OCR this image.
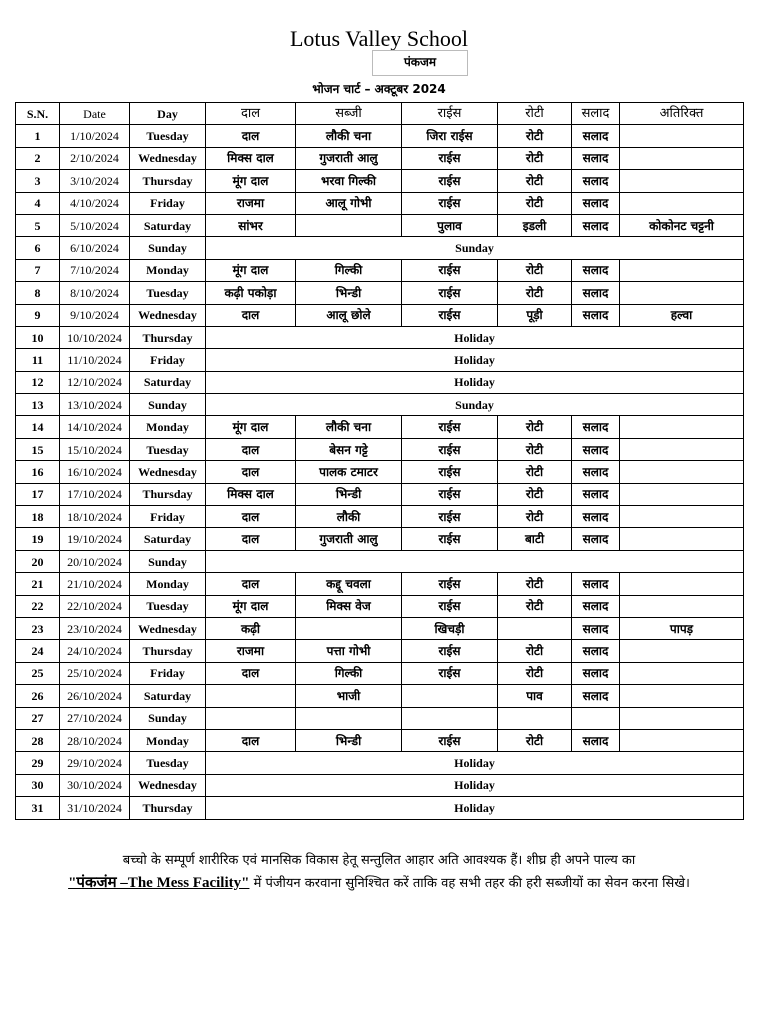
Lotus Valley School
पंकजम
भोजन चार्ट – अक्टूबर 2024
S.N.	Date	Day	दाल	सब्जी	राईस	रोटी	सलाद	अतिरिक्त
1	1/10/2024	Tuesday	दाल	लौकी चना	जिरा राईस	रोटी	सलाद	
2	2/10/2024	Wednesday	मिक्स दाल	गुजराती आलु	राईस	रोटी	सलाद	
3	3/10/2024	Thursday	मूंग दाल	भरवा गिल्की	राईस	रोटी	सलाद	
4	4/10/2024	Friday	राजमा	आलू गोभी	राईस	रोटी	सलाद	
5	5/10/2024	Saturday	सांभर		पुलाव	इडली	सलाद	कोकोनट चट्टनी
6	6/10/2024	Sunday	Sunday					
7	7/10/2024	Monday	मूंग दाल	गिल्की	राईस	रोटी	सलाद	
8	8/10/2024	Tuesday	कढ़ी पकोड़ा	भिन्डी	राईस	रोटी	सलाद	
9	9/10/2024	Wednesday	दाल	आलू छोले	राईस	पूड़ी	सलाद	हल्वा
10	10/10/2024	Thursday	Holiday					
11	11/10/2024	Friday	Holiday					
12	12/10/2024	Saturday	Holiday					
13	13/10/2024	Sunday	Sunday					
14	14/10/2024	Monday	मूंग दाल	लौकी चना	राईस	रोटी	सलाद	
15	15/10/2024	Tuesday	दाल	बेसन गट्टे	राईस	रोटी	सलाद	
16	16/10/2024	Wednesday	दाल	पालक टमाटर	राईस	रोटी	सलाद	
17	17/10/2024	Thursday	मिक्स दाल	भिन्डी	राईस	रोटी	सलाद	
18	18/10/2024	Friday	दाल	लौकी	राईस	रोटी	सलाद	
19	19/10/2024	Saturday	दाल	गुजराती आलु	राईस	बाटी	सलाद	
20	20/10/2024	Sunday						
21	21/10/2024	Monday	दाल	कद्दू चवला	राईस	रोटी	सलाद	
22	22/10/2024	Tuesday	मूंग दाल	मिक्स वेज	राईस	रोटी	सलाद	
23	23/10/2024	Wednesday	कढ़ी		खिचड़ी		सलाद	पापड़
24	24/10/2024	Thursday	राजमा	पत्ता गोभी	राईस	रोटी	सलाद	
25	25/10/2024	Friday	दाल	गिल्की	राईस	रोटी	सलाद	
26	26/10/2024	Saturday		भाजी		पाव	सलाद	
27	27/10/2024	Sunday						
28	28/10/2024	Monday	दाल	भिन्डी	राईस	रोटी	सलाद	
29	29/10/2024	Tuesday	Holiday					
30	30/10/2024	Wednesday	Holiday					
31	31/10/2024	Thursday	Holiday					
बच्चो के सम्पूर्ण शारीरिक एवं मानसिक विकास हेतू सन्तुलित आहार अति आवश्यक हैं। शीघ्र ही अपने पाल्य का
"पंकजंम –The Mess Facility" में पंजीयन करवाना सुनिश्चित करें ताकि वह सभी तहर की हरी सब्जीयों का सेवन करना सिखे।
